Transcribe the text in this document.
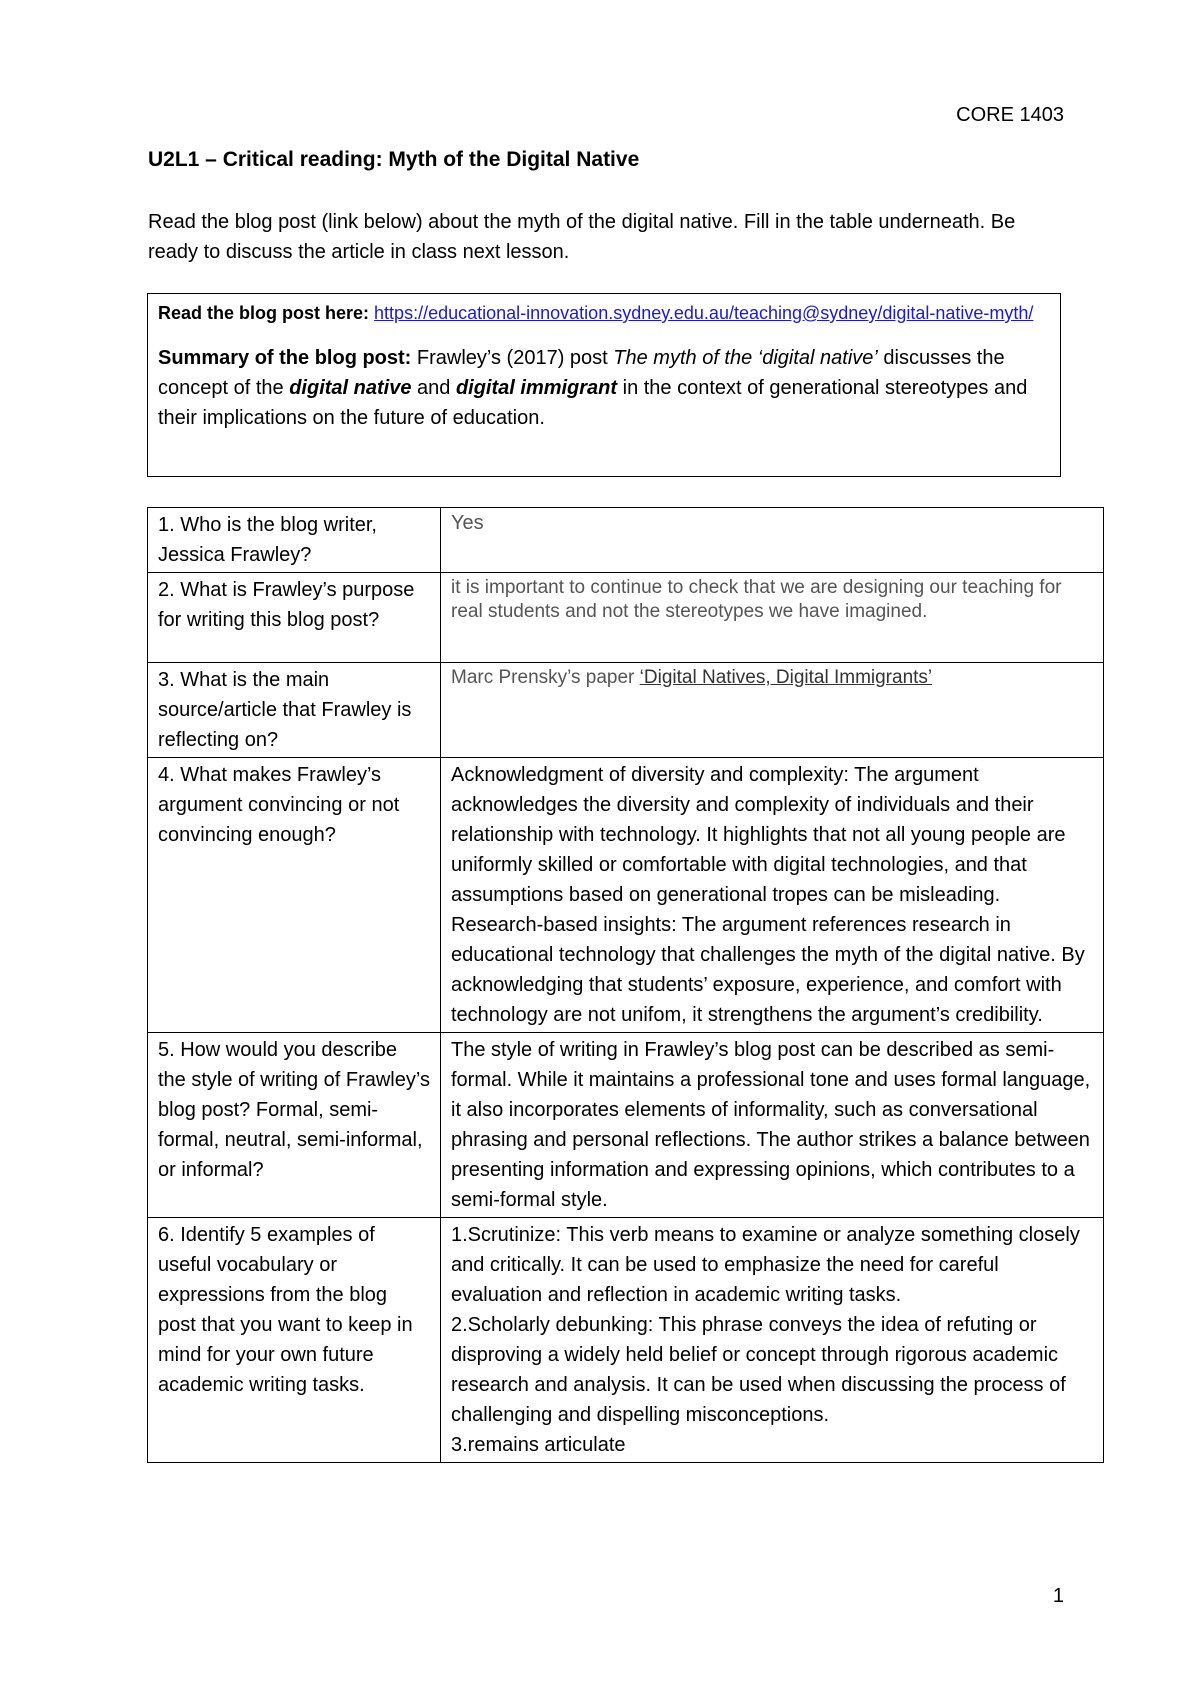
CORE 1403
U2L1 – Critical reading: Myth of the Digital Native
Read the blog post (link below) about the myth of the digital native. Fill in the table underneath. Be ready to discuss the article in class next lesson.
Read the blog post here: https://educational-innovation.sydney.edu.au/teaching@sydney/digital-native-myth/
Summary of the blog post: Frawley’s (2017) post The myth of the ‘digital native’ discusses the concept of the digital native and digital immigrant in the context of generational stereotypes and their implications on the future of education.
1. Who is the blog writer, Jessica Frawley?	Yes
2. What is Frawley’s purpose for writing this blog post?	it is important to continue to check that we are designing our teaching for real students and not the stereotypes we have imagined.
3. What is the main source/article that Frawley is reflecting on?	Marc Prensky’s paper ‘Digital Natives, Digital Immigrants’
4. What makes Frawley’s argument convincing or not convincing enough?	Acknowledgment of diversity and complexity: The argument acknowledges the diversity and complexity of individuals and their relationship with technology. It highlights that not all young people are uniformly skilled or comfortable with digital technologies, and that assumptions based on generational tropes can be misleading.
Research-based insights: The argument references research in educational technology that challenges the myth of the digital native. By acknowledging that students’ exposure, experience, and comfort with technology are not unifom, it strengthens the argument’s credibility.

5. How would you describe the style of writing of Frawley’s blog post? Formal, semi-formal, neutral, semi-informal, or informal?	The style of writing in Frawley’s blog post can be described as semi-formal. While it maintains a professional tone and uses formal language, it also incorporates elements of informality, such as conversational phrasing and personal reflections. The author strikes a balance between presenting information and expressing opinions, which contributes to a semi-formal style.
6. Identify 5 examples of useful vocabulary or expressions from the blog post that you want to keep in mind for your own future academic writing tasks.	1.Scrutinize: This verb means to examine or analyze something closely and critically. It can be used to emphasize the need for careful evaluation and reflection in academic writing tasks.
2.Scholarly debunking: This phrase conveys the idea of refuting or disproving a widely held belief or concept through rigorous academic research and analysis. It can be used when discussing the process of challenging and dispelling misconceptions.
3.remains articulate
1
